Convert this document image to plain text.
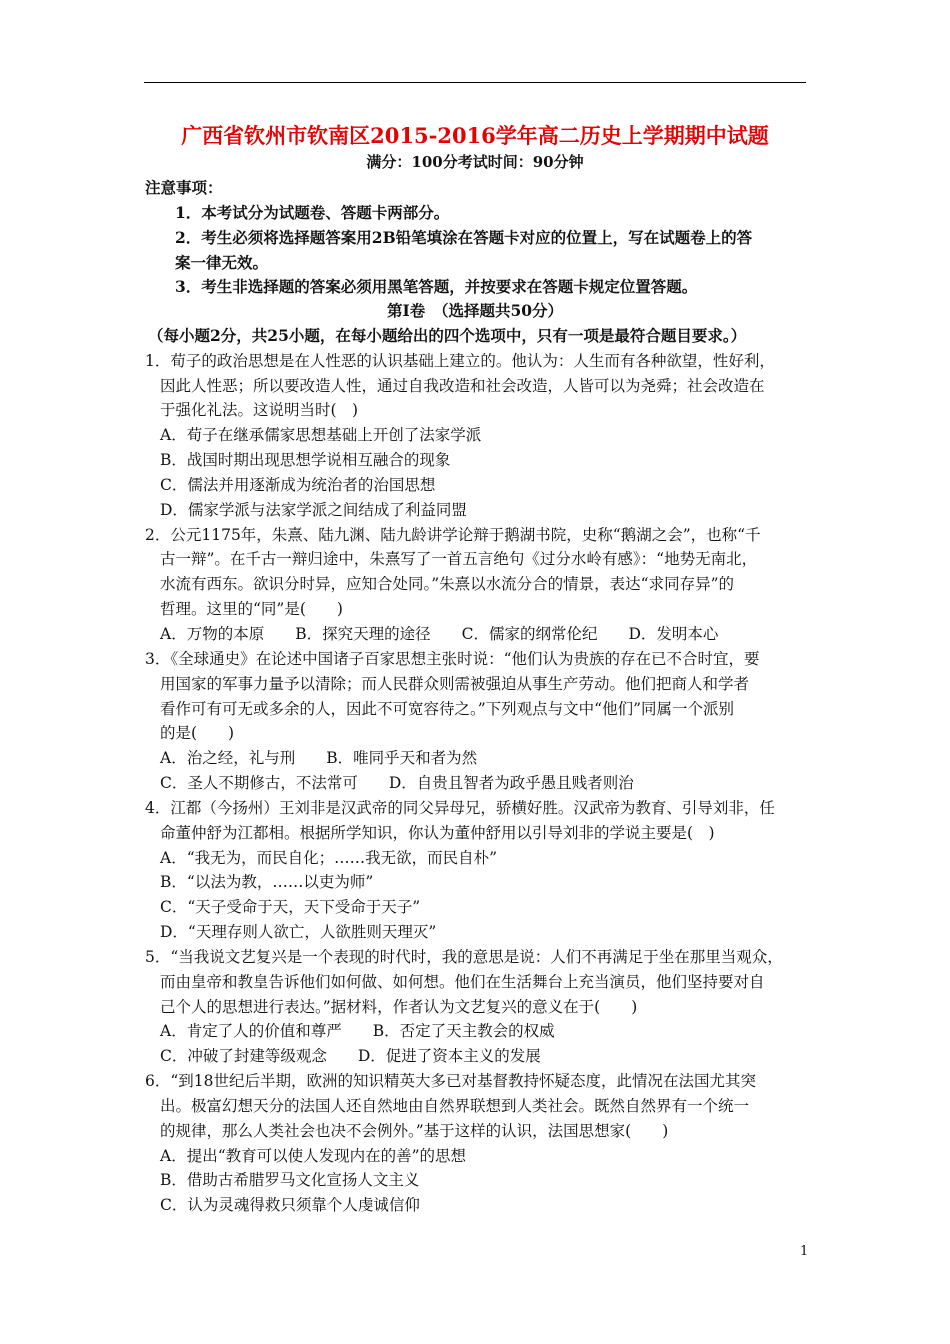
广西省钦州市钦南区2015-2016学年高二历史上学期期中试题
满分：100分考试时间：90分钟
注意事项：
1．本考试分为试题卷、答题卡两部分。
2．考生必须将选择题答案用2B铅笔填涂在答题卡对应的位置上，写在试题卷上的答
案一律无效。
3．考生非选择题的答案必须用黑笔答题，并按要求在答题卡规定位置答题。
第Ⅰ卷　（选择题共50分）
（每小题2分，共25小题，在每小题给出的四个选项中，只有一项是最符合题目要求。）
1．荀子的政治思想是在人性恶的认识基础上建立的。他认为：人生而有各种欲望，性好利，
因此人性恶；所以要改造人性，通过自我改造和社会改造，人皆可以为尧舜；社会改造在
于强化礼法。这说明当时(　)
A．荀子在继承儒家思想基础上开创了法家学派
B．战国时期出现思想学说相互融合的现象
C．儒法并用逐渐成为统治者的治国思想
D．儒家学派与法家学派之间结成了利益同盟
2．公元1175年，朱熹、陆九渊、陆九龄讲学论辩于鹅湖书院，史称“鹅湖之会”，也称“千
古一辩”。在千古一辩归途中，朱熹写了一首五言绝句《过分水岭有感》：“地势无南北，
水流有西东。欲识分时异，应知合处同。”朱熹以水流分合的情景，表达“求同存异”的
哲理。这里的“同”是(　　)
A．万物的本原　　B．探究天理的途径　　C．儒家的纲常伦纪　　D．发明本心
3．《全球通史》在论述中国诸子百家思想主张时说：“他们认为贵族的存在已不合时宜，要
用国家的军事力量予以清除；而人民群众则需被强迫从事生产劳动。他们把商人和学者
看作可有可无或多余的人，因此不可宽容待之。”下列观点与文中“他们”同属一个派别
的是(　　)
A．治之经，礼与刑　　B．唯同乎天和者为然
C．圣人不期修古，不法常可　　D．自贵且智者为政乎愚且贱者则治
4．江都（今扬州）王刘非是汉武帝的同父异母兄，骄横好胜。汉武帝为教育、引导刘非，任
命董仲舒为江都相。根据所学知识，你认为董仲舒用以引导刘非的学说主要是(　)
A．“我无为，而民自化；……我无欲，而民自朴”
B．“以法为教，……以吏为师”
C．“天子受命于天，天下受命于天子”
D．“天理存则人欲亡，人欲胜则天理灭”
5．“当我说文艺复兴是一个表现的时代时，我的意思是说：人们不再满足于坐在那里当观众，
而由皇帝和教皇告诉他们如何做、如何想。他们在生活舞台上充当演员，他们坚持要对自
己个人的思想进行表达。”据材料，作者认为文艺复兴的意义在于(　　)
A．肯定了人的价值和尊严　　B．否定了天主教会的权威
C．冲破了封建等级观念　　D．促进了资本主义的发展
6．“到18世纪后半期，欧洲的知识精英大多已对基督教持怀疑态度，此情况在法国尤其突
出。极富幻想天分的法国人还自然地由自然界联想到人类社会。既然自然界有一个统一
的规律，那么人类社会也决不会例外。”基于这样的认识，法国思想家(　　)
A．提出“教育可以使人发现内在的善”的思想
B．借助古希腊罗马文化宣扬人文主义
C．认为灵魂得救只须靠个人虔诚信仰
1
